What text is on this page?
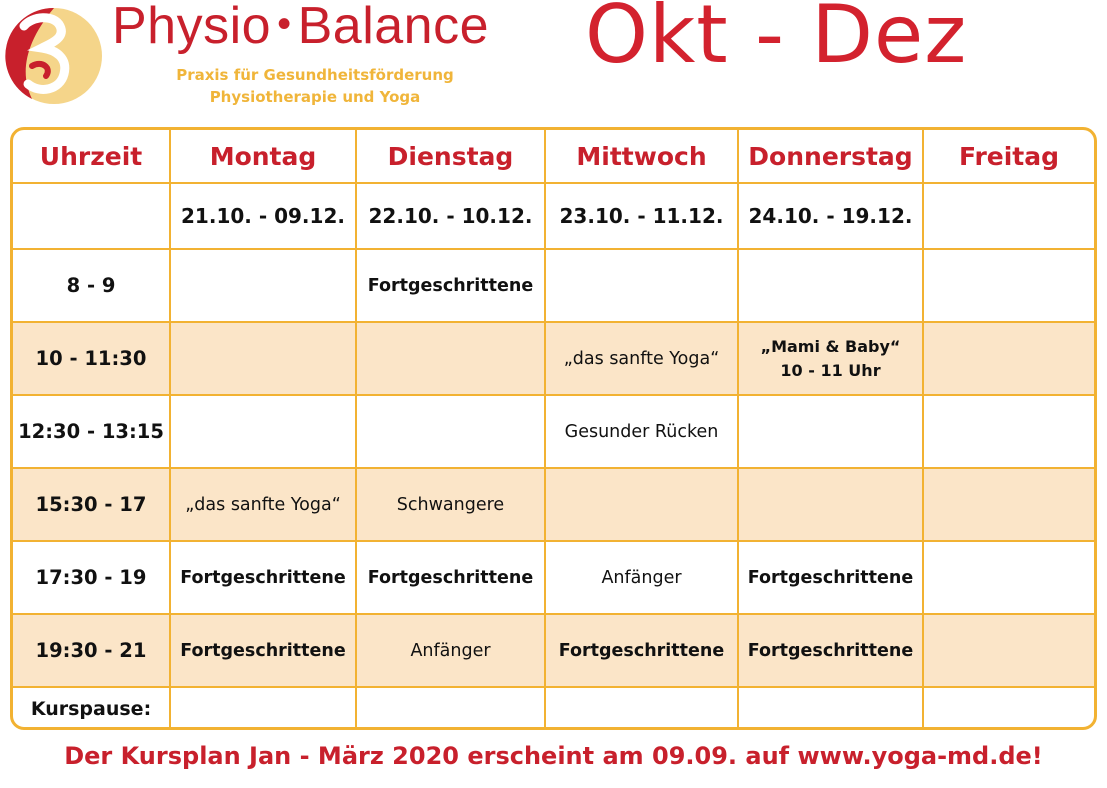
Physio • Balance
Praxis für Gesundheitsförderung
Physiotherapie und Yoga
Okt - Dez
Uhrzeit	Montag	Dienstag	Mittwoch	Donnerstag	Freitag
	21.10. - 09.12.	22.10. - 10.12.	23.10. - 11.12.	24.10. - 19.12.	
8 - 9		Fortgeschrittene			
10 - 11:30			„das sanfte Yoga“	„Mami & Baby“
10 - 11 Uhr	
12:30 - 13:15			Gesunder Rücken		
15:30 - 17	„das sanfte Yoga“	Schwangere			
17:30 - 19	Fortgeschrittene	Fortgeschrittene	Anfänger	Fortgeschrittene	
19:30 - 21	Fortgeschrittene	Anfänger	Fortgeschrittene	Fortgeschrittene	
Kurspause:					
Der Kursplan Jan - März 2020 erscheint am 09.09. auf www.yoga-md.de!
